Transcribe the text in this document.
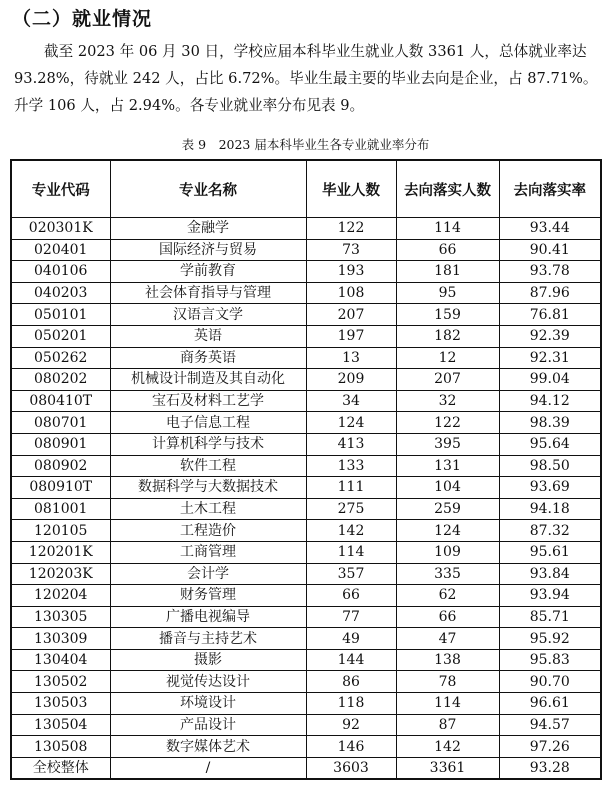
（二）就业情况

截至 2023 年 06 月 30 日，学校应届本科毕业生就业人数 3361 人，总体就业率达 93.28%，待就业 242 人，占比 6.72%。毕业生最主要的毕业去向是企业，占 87.71%。升学 106 人，占 2.94%。各专业就业率分布见表 9。

表 9　2023 届本科毕业生各专业就业率分布
专业代码	专业名称	毕业人数	去向落实人数	去向落实率
020301K	金融学	122	114	93.44
020401	国际经济与贸易	73	66	90.41
040106	学前教育	193	181	93.78
040203	社会体育指导与管理	108	95	87.96
050101	汉语言文学	207	159	76.81
050201	英语	197	182	92.39
050262	商务英语	13	12	92.31
080202	机械设计制造及其自动化	209	207	99.04
080410T	宝石及材料工艺学	34	32	94.12
080701	电子信息工程	124	122	98.39
080901	计算机科学与技术	413	395	95.64
080902	软件工程	133	131	98.50
080910T	数据科学与大数据技术	111	104	93.69
081001	土木工程	275	259	94.18
120105	工程造价	142	124	87.32
120201K	工商管理	114	109	95.61
120203K	会计学	357	335	93.84
120204	财务管理	66	62	93.94
130305	广播电视编导	77	66	85.71
130309	播音与主持艺术	49	47	95.92
130404	摄影	144	138	95.83
130502	视觉传达设计	86	78	90.70
130503	环境设计	118	114	96.61
130504	产品设计	92	87	94.57
130508	数字媒体艺术	146	142	97.26
全校整体	/	3603	3361	93.28
